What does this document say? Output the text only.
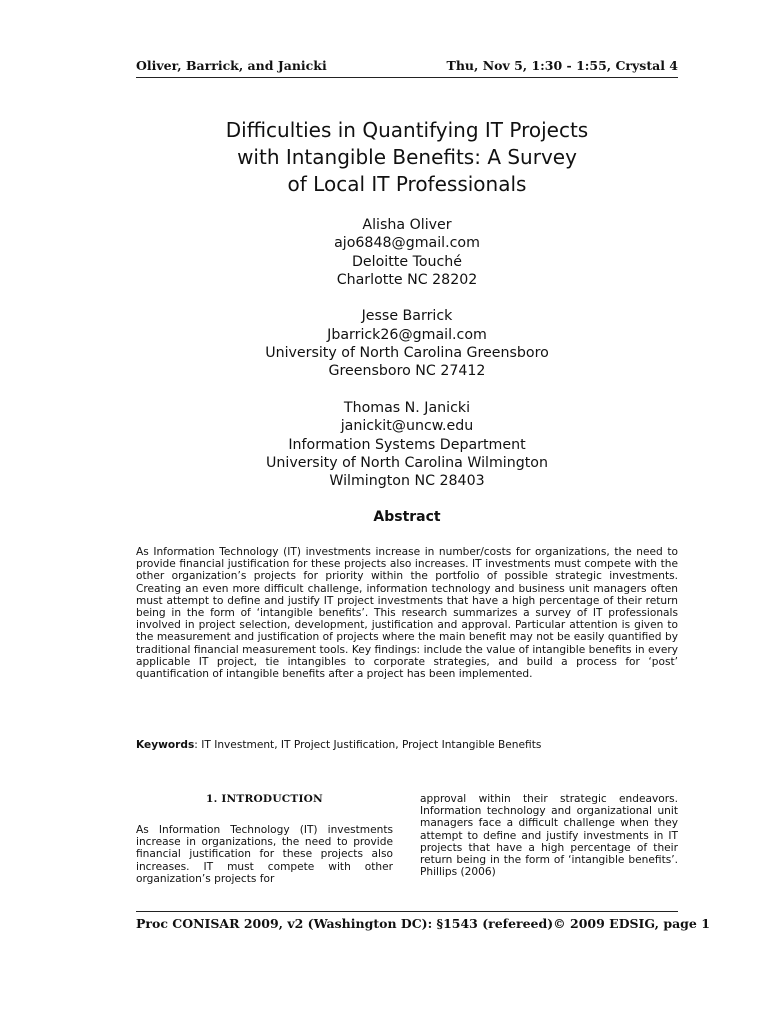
Oliver, Barrick, and Janicki	Thu, Nov 5, 1:30 - 1:55, Crystal 4
Difficulties in Quantifying IT Projects
with Intangible Benefits: A Survey
of Local IT Professionals
Alisha Oliver
ajo6848@gmail.com
Deloitte Touché
Charlotte NC 28202
Jesse Barrick
Jbarrick26@gmail.com
University of North Carolina Greensboro
Greensboro NC 27412
Thomas N. Janicki
janickit@uncw.edu
Information Systems Department
University of North Carolina Wilmington
Wilmington NC 28403
Abstract

As Information Technology (IT) investments increase in number/costs for organizations, the need to provide financial justification for these projects also increases. IT investments must compete with the other organization’s projects for priority within the portfolio of possible strategic investments. Creating an even more difficult challenge, information technology and business unit managers often must attempt to define and justify IT project investments that have a high percentage of their return being in the form of ‘intangible benefits’. This research summarizes a survey of IT professionals involved in project selection, development, justification and approval. Particular attention is given to the measurement and justification of projects where the main benefit may not be easily quantified by traditional financial measurement tools. Key findings: include the value of intangible benefits in every applicable IT project, tie intangibles to corporate strategies, and build a process for ‘post’ quantification of intangible benefits after a project has been implemented.

Keywords: IT Investment, IT Project Justification, Project Intangible Benefits
1. INTRODUCTION

As Information Technology (IT) investments increase in organizations, the need to provide financial justification for these projects also increases. IT must compete with other organization’s projects for

approval within their strategic endeavors. Information technology and organizational unit managers face a difficult challenge when they attempt to define and justify investments in IT projects that have a high percentage of their return being in the form of ‘intangible benefits’. Phillips (2006)

Proc CONISAR 2009, v2 (Washington DC): §1543 (refereed) © 2009 EDSIG, page 1
